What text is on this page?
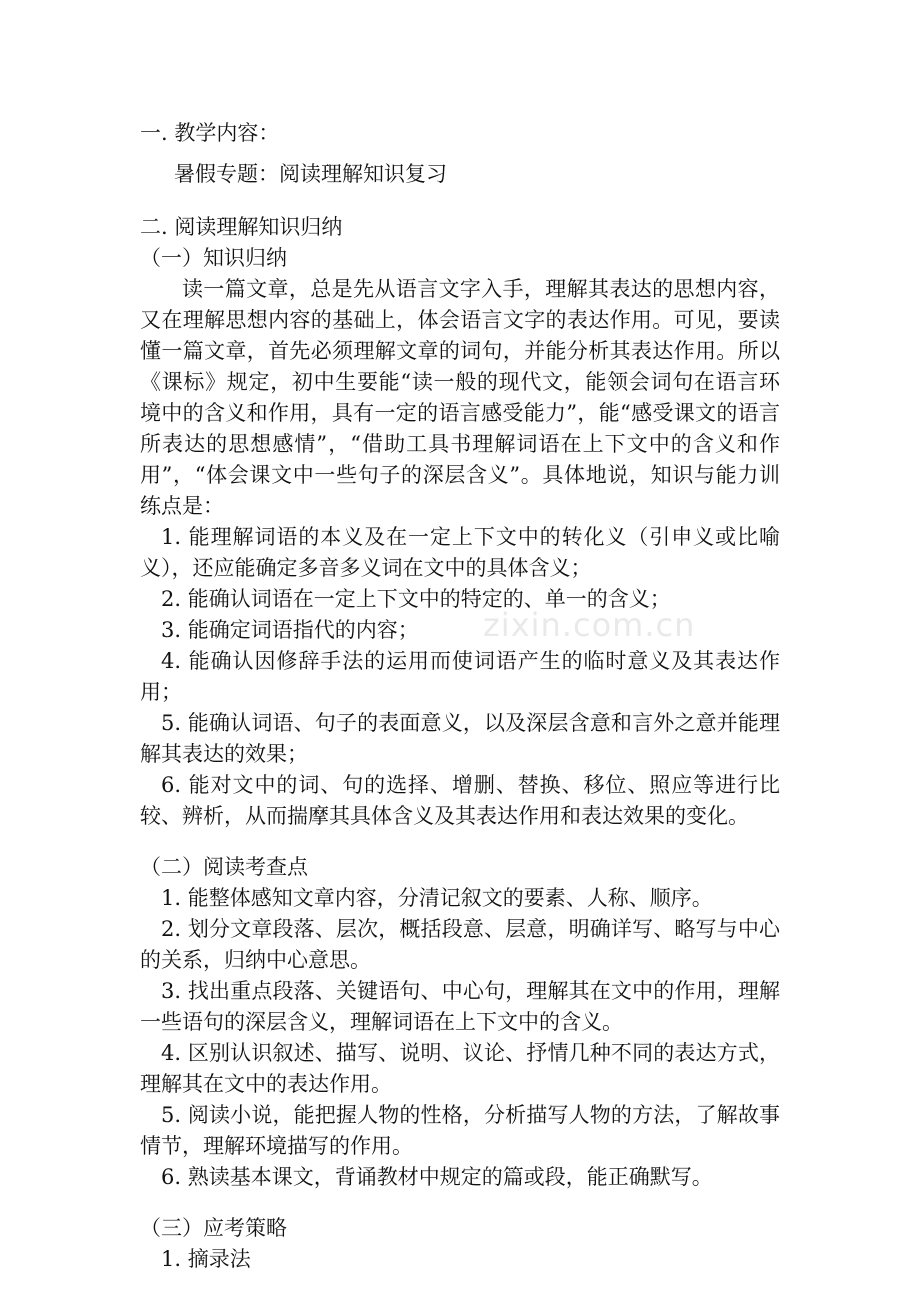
一. 教学内容：

暑假专题：阅读理解知识复习

二. 阅读理解知识归纳

（一）知识归纳

读一篇文章，总是先从语言文字入手，理解其表达的思想内容，又在理解思想内容的基础上，体会语言文字的表达作用。可见，要读懂一篇文章，首先必须理解文章的词句，并能分析其表达作用。所以《课标》规定，初中生要能“读一般的现代文，能领会词句在语言环境中的含义和作用，具有一定的语言感受能力”，能“感受课文的语言所表达的思想感情”，“借助工具书理解词语在上下文中的含义和作用”，“体会课文中一些句子的深层含义”。具体地说，知识与能力训练点是：

1. 能理解词语的本义及在一定上下文中的转化义（引申义或比喻义），还应能确定多音多义词在文中的具体含义；

2. 能确认词语在一定上下文中的特定的、单一的含义；

3. 能确定词语指代的内容；

4. 能确认因修辞手法的运用而使词语产生的临时意义及其表达作用；

5. 能确认词语、句子的表面意义，以及深层含意和言外之意并能理解其表达的效果；

6. 能对文中的词、句的选择、增删、替换、移位、照应等进行比较、辨析，从而揣摩其具体含义及其表达作用和表达效果的变化。

（二）阅读考查点

1. 能整体感知文章内容，分清记叙文的要素、人称、顺序。

2. 划分文章段落、层次，概括段意、层意，明确详写、略写与中心的关系，归纳中心意思。

3. 找出重点段落、关键语句、中心句，理解其在文中的作用，理解一些语句的深层含义，理解词语在上下文中的含义。

4. 区别认识叙述、描写、说明、议论、抒情几种不同的表达方式，理解其在文中的表达作用。

5. 阅读小说，能把握人物的性格，分析描写人物的方法，了解故事情节，理解环境描写的作用。

6. 熟读基本课文，背诵教材中规定的篇或段，能正确默写。

（三）应考策略

1. 摘录法

zixin.com.cn
